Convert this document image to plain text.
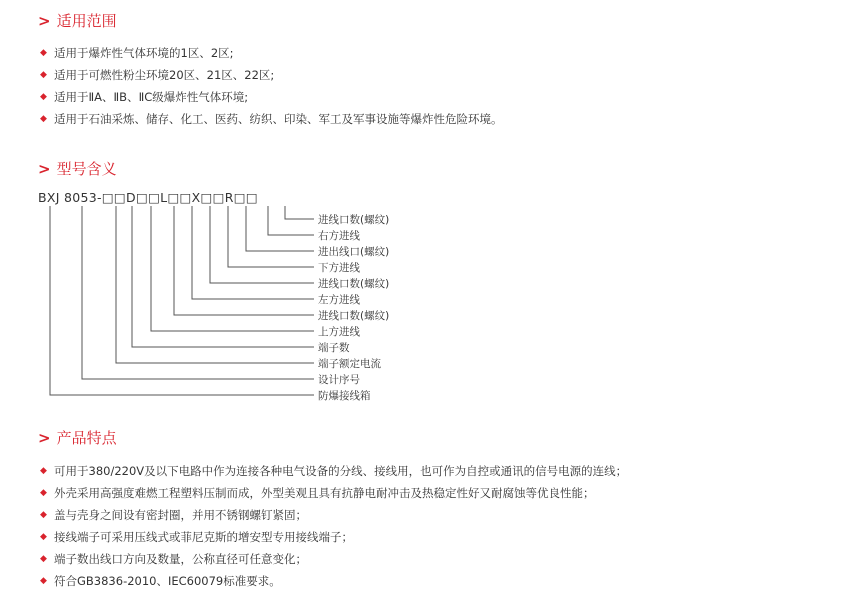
> 适用范围
◆ 适用于爆炸性气体环境的1区、2区;
◆ 适用于可燃性粉尘环境20区、21区、22区;
◆ 适用于ⅡA、ⅡB、ⅡC级爆炸性气体环境;
◆ 适用于石油采炼、储存、化工、医药、纺织、印染、军工及军事设施等爆炸性危险环境。
> 型号含义
BXJ 8053-□□D□□L□□X□□R□□
进线口数(螺纹)
右方进线
进出线口(螺纹)
下方进线
进线口数(螺纹)
左方进线
进线口数(螺纹)
上方进线
端子数
端子额定电流
设计序号
防爆接线箱
> 产品特点
◆ 可用于380/220V及以下电路中作为连接各种电气设备的分线、接线用，也可作为自控或通讯的信号电源的连线；
◆ 外壳采用高强度难燃工程塑料压制而成，外型美观且具有抗静电耐冲击及热稳定性好又耐腐蚀等优良性能；
◆ 盖与壳身之间设有密封圈，并用不锈钢螺钉紧固；
◆ 接线端子可采用压线式或菲尼克斯的增安型专用接线端子；
◆ 端子数出线口方向及数量，公称直径可任意变化；
◆ 符合GB3836-2010、IEC60079标准要求。
